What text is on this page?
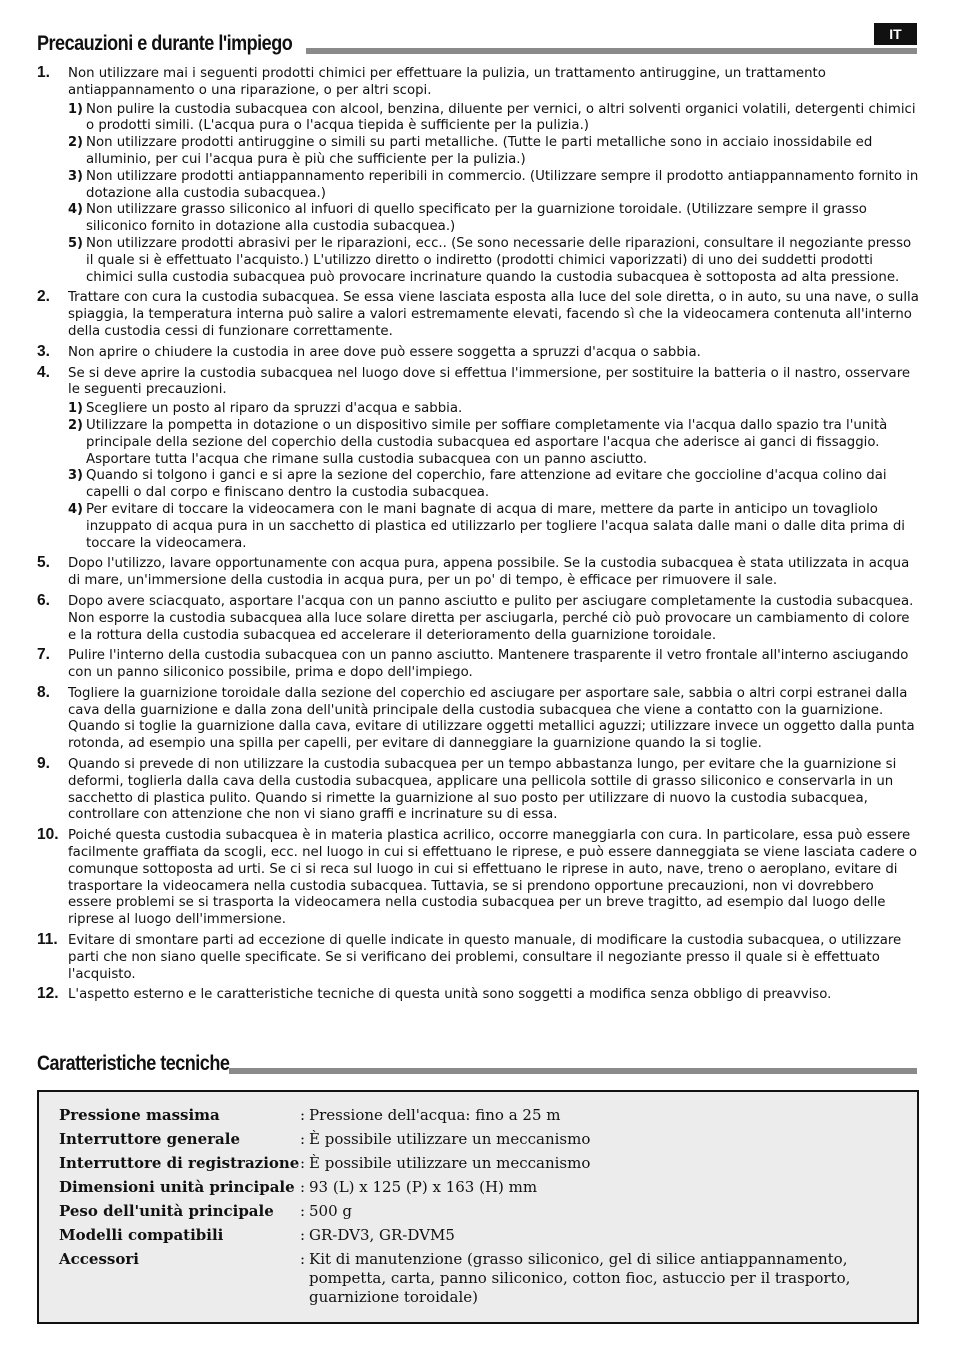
Precauzioni e durante l'impiego	IT
1. Non utilizzare mai i seguenti prodotti chimici per effettuare la pulizia, un trattamento antiruggine, un trattamento antiappannamento o una riparazione, o per altri scopi.
1) Non pulire la custodia subacquea con alcool, benzina, diluente per vernici, o altri solventi organici volatili, detergenti chimici o prodotti simili. (L'acqua pura o l'acqua tiepida è sufficiente per la pulizia.)
2) Non utilizzare prodotti antiruggine o simili su parti metalliche. (Tutte le parti metalliche sono in acciaio inossidabile ed alluminio, per cui l'acqua pura è più che sufficiente per la pulizia.)
3) Non utilizzare prodotti antiappannamento reperibili in commercio. (Utilizzare sempre il prodotto antiappannamento fornito in dotazione alla custodia subacquea.)
4) Non utilizzare grasso siliconico al infuori di quello specificato per la guarnizione toroidale. (Utilizzare sempre il grasso siliconico fornito in dotazione alla custodia subacquea.)
5) Non utilizzare prodotti abrasivi per le riparazioni, ecc.. (Se sono necessarie delle riparazioni, consultare il negoziante presso il quale si è effettuato l'acquisto.) L'utilizzo diretto o indiretto (prodotti chimici vaporizzati) di uno dei suddetti prodotti chimici sulla custodia subacquea può provocare incrinature quando la custodia subacquea è sottoposta ad alta pressione.
2. Trattare con cura la custodia subacquea. Se essa viene lasciata esposta alla luce del sole diretta, o in auto, su una nave, o sulla spiaggia, la temperatura interna può salire a valori estremamente elevati, facendo sì che la videocamera contenuta all'interno della custodia cessi di funzionare correttamente.
3. Non aprire o chiudere la custodia in aree dove può essere soggetta a spruzzi d'acqua o sabbia.
4. Se si deve aprire la custodia subacquea nel luogo dove si effettua l'immersione, per sostituire la batteria o il nastro, osservare le seguenti precauzioni.
1) Scegliere un posto al riparo da spruzzi d'acqua e sabbia.
2) Utilizzare la pompetta in dotazione o un dispositivo simile per soffiare completamente via l'acqua dallo spazio tra l'unità principale della sezione del coperchio della custodia subacquea ed asportare l'acqua che aderisce ai ganci di fissaggio. Asportare tutta l'acqua che rimane sulla custodia subacquea con un panno asciutto.
3) Quando si tolgono i ganci e si apre la sezione del coperchio, fare attenzione ad evitare che goccioline d'acqua colino dai capelli o dal corpo e finiscano dentro la custodia subacquea.
4) Per evitare di toccare la videocamera con le mani bagnate di acqua di mare, mettere da parte in anticipo un tovagliolo inzuppato di acqua pura in un sacchetto di plastica ed utilizzarlo per togliere l'acqua salata dalle mani o dalle dita prima di toccare la videocamera.
5. Dopo l'utilizzo, lavare opportunamente con acqua pura, appena possibile. Se la custodia subacquea è stata utilizzata in acqua di mare, un'immersione della custodia in acqua pura, per un po' di tempo, è efficace per rimuovere il sale.
6. Dopo avere sciacquato, asportare l'acqua con un panno asciutto e pulito per asciugare completamente la custodia subacquea. Non esporre la custodia subacquea alla luce solare diretta per asciugarla, perché ciò può provocare un cambiamento di colore e la rottura della custodia subacquea ed accelerare il deterioramento della guarnizione toroidale.
7. Pulire l'interno della custodia subacquea con un panno asciutto. Mantenere trasparente il vetro frontale all'interno asciugando con un panno siliconico possibile, prima e dopo dell'impiego.
8. Togliere la guarnizione toroidale dalla sezione del coperchio ed asciugare per asportare sale, sabbia o altri corpi estranei dalla cava della guarnizione e dalla zona dell'unità principale della custodia subacquea che viene a contatto con la guarnizione. Quando si toglie la guarnizione dalla cava, evitare di utilizzare oggetti metallici aguzzi; utilizzare invece un oggetto dalla punta rotonda, ad esempio una spilla per capelli, per evitare di danneggiare la guarnizione quando la si toglie.
9. Quando si prevede di non utilizzare la custodia subacquea per un tempo abbastanza lungo, per evitare che la guarnizione si deformi, toglierla dalla cava della custodia subacquea, applicare una pellicola sottile di grasso siliconico e conservarla in un sacchetto di plastica pulito. Quando si rimette la guarnizione al suo posto per utilizzare di nuovo la custodia subacquea, controllare con attenzione che non vi siano graffi e incrinature su di essa.
10. Poiché questa custodia subacquea è in materia plastica acrilico, occorre maneggiarla con cura. In particolare, essa può essere facilmente graffiata da scogli, ecc. nel luogo in cui si effettuano le riprese, e può essere danneggiata se viene lasciata cadere o comunque sottoposta ad urti. Se ci si reca sul luogo in cui si effettuano le riprese in auto, nave, treno o aeroplano, evitare di trasportare la videocamera nella custodia subacquea. Tuttavia, se si prendono opportune precauzioni, non vi dovrebbero essere problemi se si trasporta la videocamera nella custodia subacquea per un breve tragitto, ad esempio dal luogo delle riprese al luogo dell'immersione.
11. Evitare di smontare parti ad eccezione di quelle indicate in questo manuale, di modificare la custodia subacquea, o utilizzare parti che non siano quelle specificate. Se si verificano dei problemi, consultare il negoziante presso il quale si è effettuato l'acquisto.
12. L'aspetto esterno e le caratteristiche tecniche di questa unità sono soggetti a modifica senza obbligo di preavviso.
Caratteristiche tecniche
Pressione massima	: Pressione dell'acqua: fino a 25 m
Interruttore generale	: È possibile utilizzare un meccanismo
Interruttore di registrazione	: È possibile utilizzare un meccanismo
Dimensioni unità principale	: 93 (L) x 125 (P) x 163 (H) mm
Peso dell'unità principale	: 500 g
Modelli compatibili	: GR-DV3, GR-DVM5
Accessori	: Kit di manutenzione (grasso siliconico, gel di silice antiappannamento, pompetta, carta, panno siliconico, cotton fioc, astuccio per il trasporto, guarnizione toroidale)
